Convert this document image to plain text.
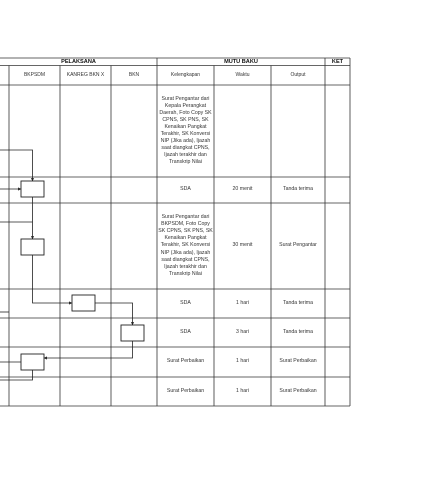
PELAKSANA	MUTU BAKU	KET
BKPSDM	KANREG BKN X	BKN	Kelengkapan	Waktu	Output
Surat Pengantar dari
Kepala Perangkat
Daerah, Foto Copy SK
CPNS, SK PNS, SK
Kenaikan Pangkat
Terakhir, SK Konversi
NIP (Jika ada), Ijazah
saat diangkat CPNS,
Ijazah terakhir dan
Transkrip Nilai
SDA	20 menit	Tanda terima
Surat Pengantar dari
BKPSDM, Foto Copy
SK CPNS, SK PNS, SK
Kenaikan Pangkat
Terakhir, SK Konversi
NIP (Jika ada), Ijazah
saat diangkat CPNS,
Ijazah terakhir dan
Transkrip Nilai
30 menit	Surat Pengantar
SDA	1 hari	Tanda terima
SDA	3 hari	Tanda terima
Surat Perbaikan	1 hari	Surat Perbaikan
Surat Perbaikan	1 hari	Surat Perbaikan
